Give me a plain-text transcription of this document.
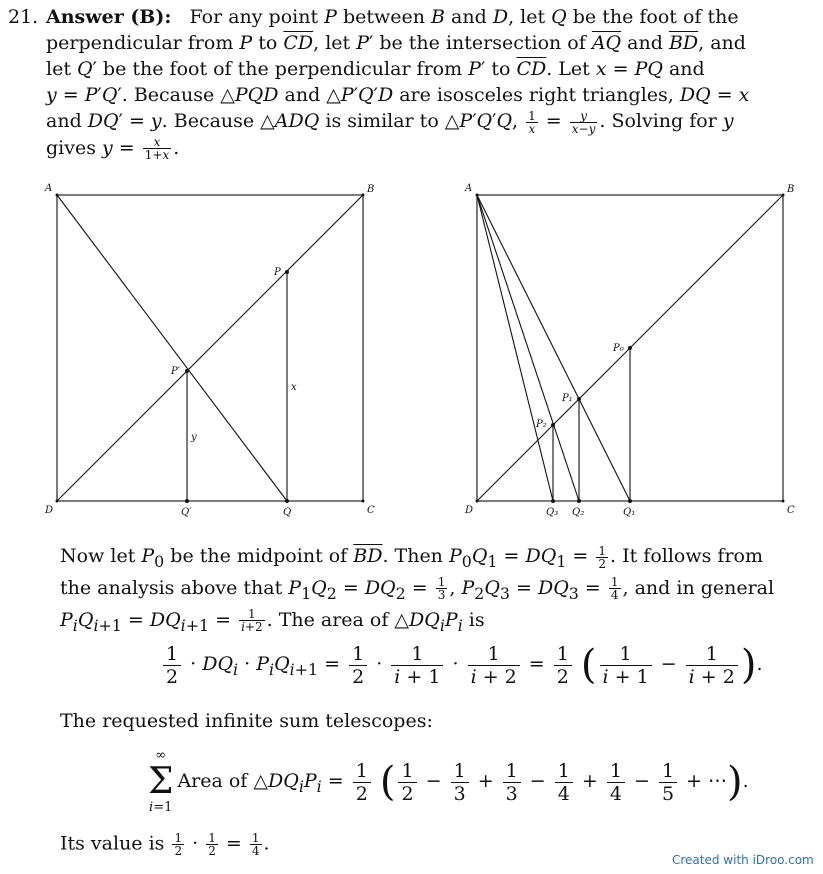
21. Answer (B):   For any point P between B and D, let Q be the foot of the
perpendicular from P to $\overline{CD}$, let P′ be the intersection of $\overline{AQ}$ and $\overline{BD}$, and
let Q′ be the foot of the perpendicular from P′ to $\overline{CD}$. Let x = PQ and
y = P′Q′. Because △PQD and △P′Q′D are isosceles right triangles, DQ = x
and DQ′ = y. Because △ADQ is similar to △P′Q′Q, $\frac{1}{x} = \frac{y}{x-y}$ . Solving for y
gives $y = \frac{x}{1+x}$ .
A	B
C
D
P
P′
Q
Q′
x
y
A	B
C
D
P₀
P₁
P₂
Q₁
Q₂
Q₃
Now let $P_0$ be the midpoint of $\overline{BD}$. Then $P_0Q_1 = DQ_1 = \frac{1}{2}$ . It follows from
the analysis above that $P_1Q_2 = DQ_2 = \frac{1}{3}$ , $P_2Q_3 = DQ_3 = \frac{1}{4}$ , and in general
$P_iQ_{i+1} = DQ_{i+1} = \frac{1}{i+2}$ . The area of $\triangle DQ_iP_i$ is
$\frac{1}{2} \cdot DQ_i \cdot P_iQ_{i+1} = \frac{1}{2} \cdot \frac{1}{i + 1} \cdot \frac{1}{i + 2} = \frac{1}{2}$ ( $\frac{1}{i + 1} - \frac{1}{i + 2}$ ).
The requested infinite sum telescopes:
∞
Σ
i=1
Area of $\triangle DQ_iP_i = \frac{1}{2}$ ( $\frac{1}{2} - \frac{1}{3} + \frac{1}{3} - \frac{1}{4} + \frac{1}{4} - \frac{1}{5}$ + ⋯).
Its value is $\frac{1}{2} \cdot \frac{1}{2} = \frac{1}{4}$ .
Created with iDroo.com
